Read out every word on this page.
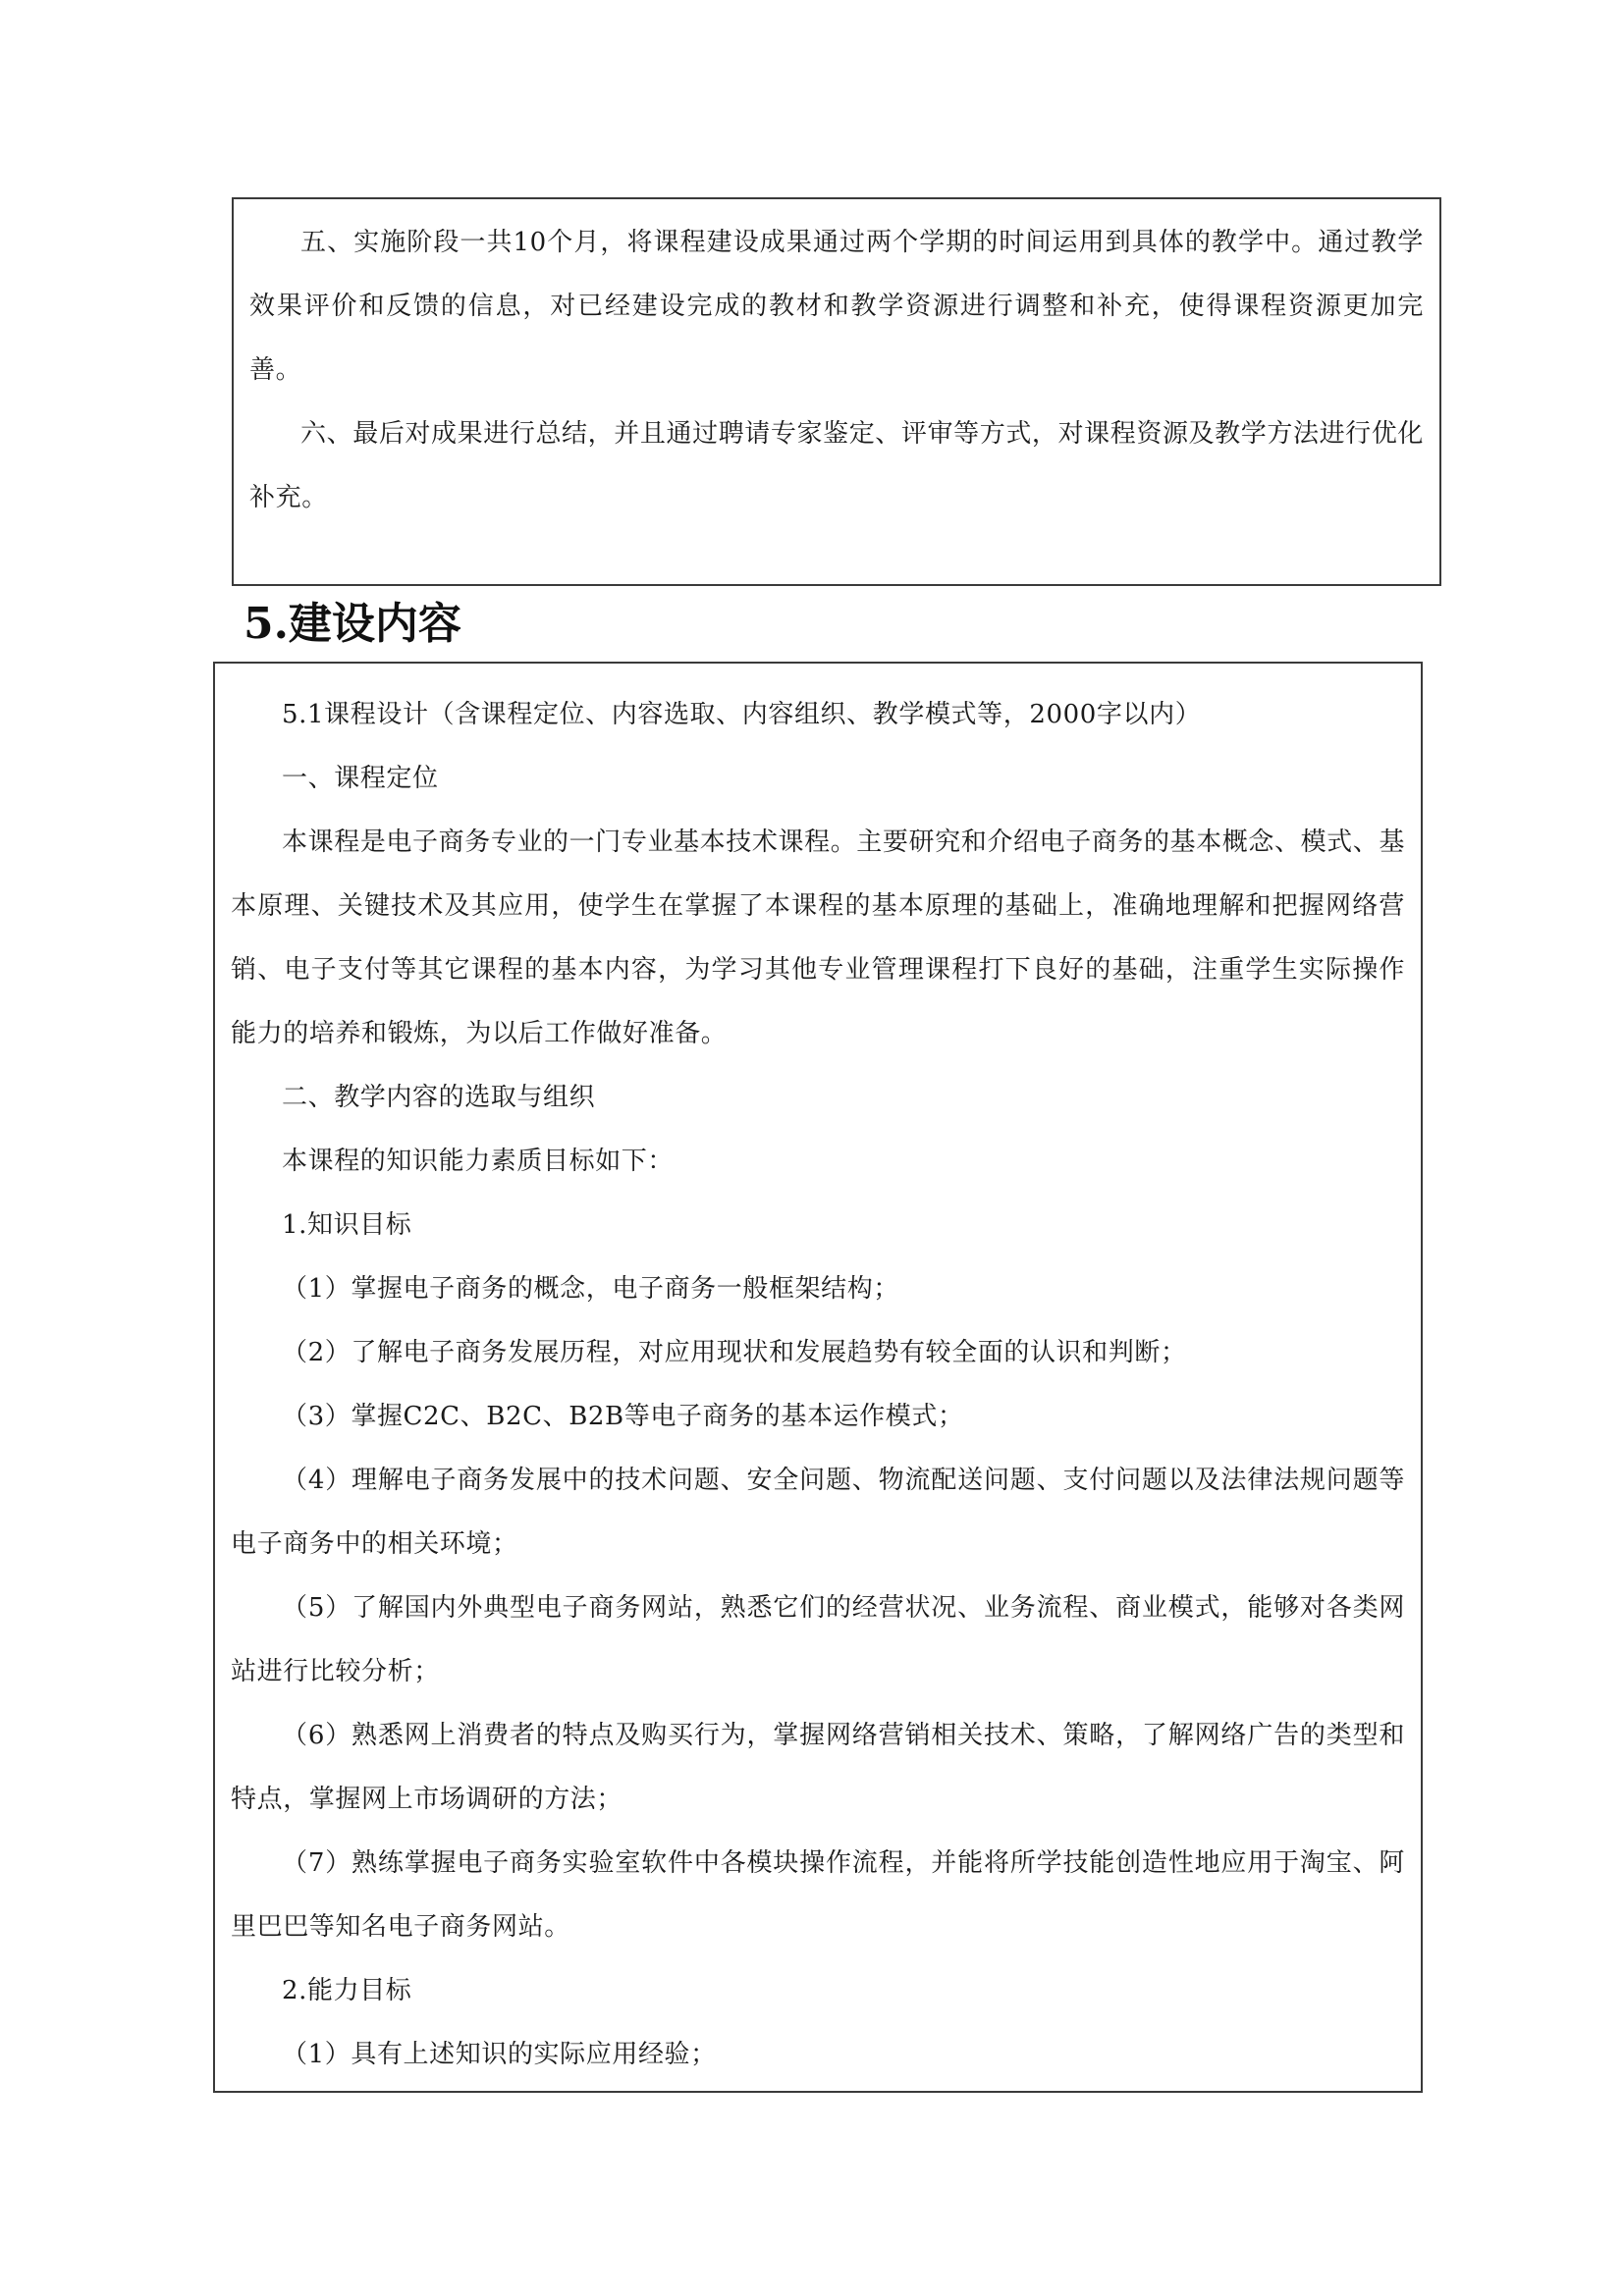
五、实施阶段一共10个月，将课程建设成果通过两个学期的时间运用到具体的教学中。通过教学效果评价和反馈的信息，对已经建设完成的教材和教学资源进行调整和补充，使得课程资源更加完善。

六、最后对成果进行总结，并且通过聘请专家鉴定、评审等方式，对课程资源及教学方法进行优化补充。

5.建设内容

5.1课程设计（含课程定位、内容选取、内容组织、教学模式等，2000字以内）

一、课程定位

本课程是电子商务专业的一门专业基本技术课程。主要研究和介绍电子商务的基本概念、模式、基本原理、关键技术及其应用，使学生在掌握了本课程的基本原理的基础上，准确地理解和把握网络营销、电子支付等其它课程的基本内容，为学习其他专业管理课程打下良好的基础，注重学生实际操作能力的培养和锻炼，为以后工作做好准备。

二、教学内容的选取与组织

本课程的知识能力素质目标如下：

1.知识目标

（1）掌握电子商务的概念，电子商务一般框架结构；

（2）了解电子商务发展历程，对应用现状和发展趋势有较全面的认识和判断；

（3）掌握C2C、B2C、B2B等电子商务的基本运作模式；

（4）理解电子商务发展中的技术问题、安全问题、物流配送问题、支付问题以及法律法规问题等电子商务中的相关环境；

（5）了解国内外典型电子商务网站，熟悉它们的经营状况、业务流程、商业模式，能够对各类网站进行比较分析；

（6）熟悉网上消费者的特点及购买行为，掌握网络营销相关技术、策略，了解网络广告的类型和特点，掌握网上市场调研的方法；

（7）熟练掌握电子商务实验室软件中各模块操作流程，并能将所学技能创造性地应用于淘宝、阿里巴巴等知名电子商务网站。

2.能力目标

（1）具有上述知识的实际应用经验；
